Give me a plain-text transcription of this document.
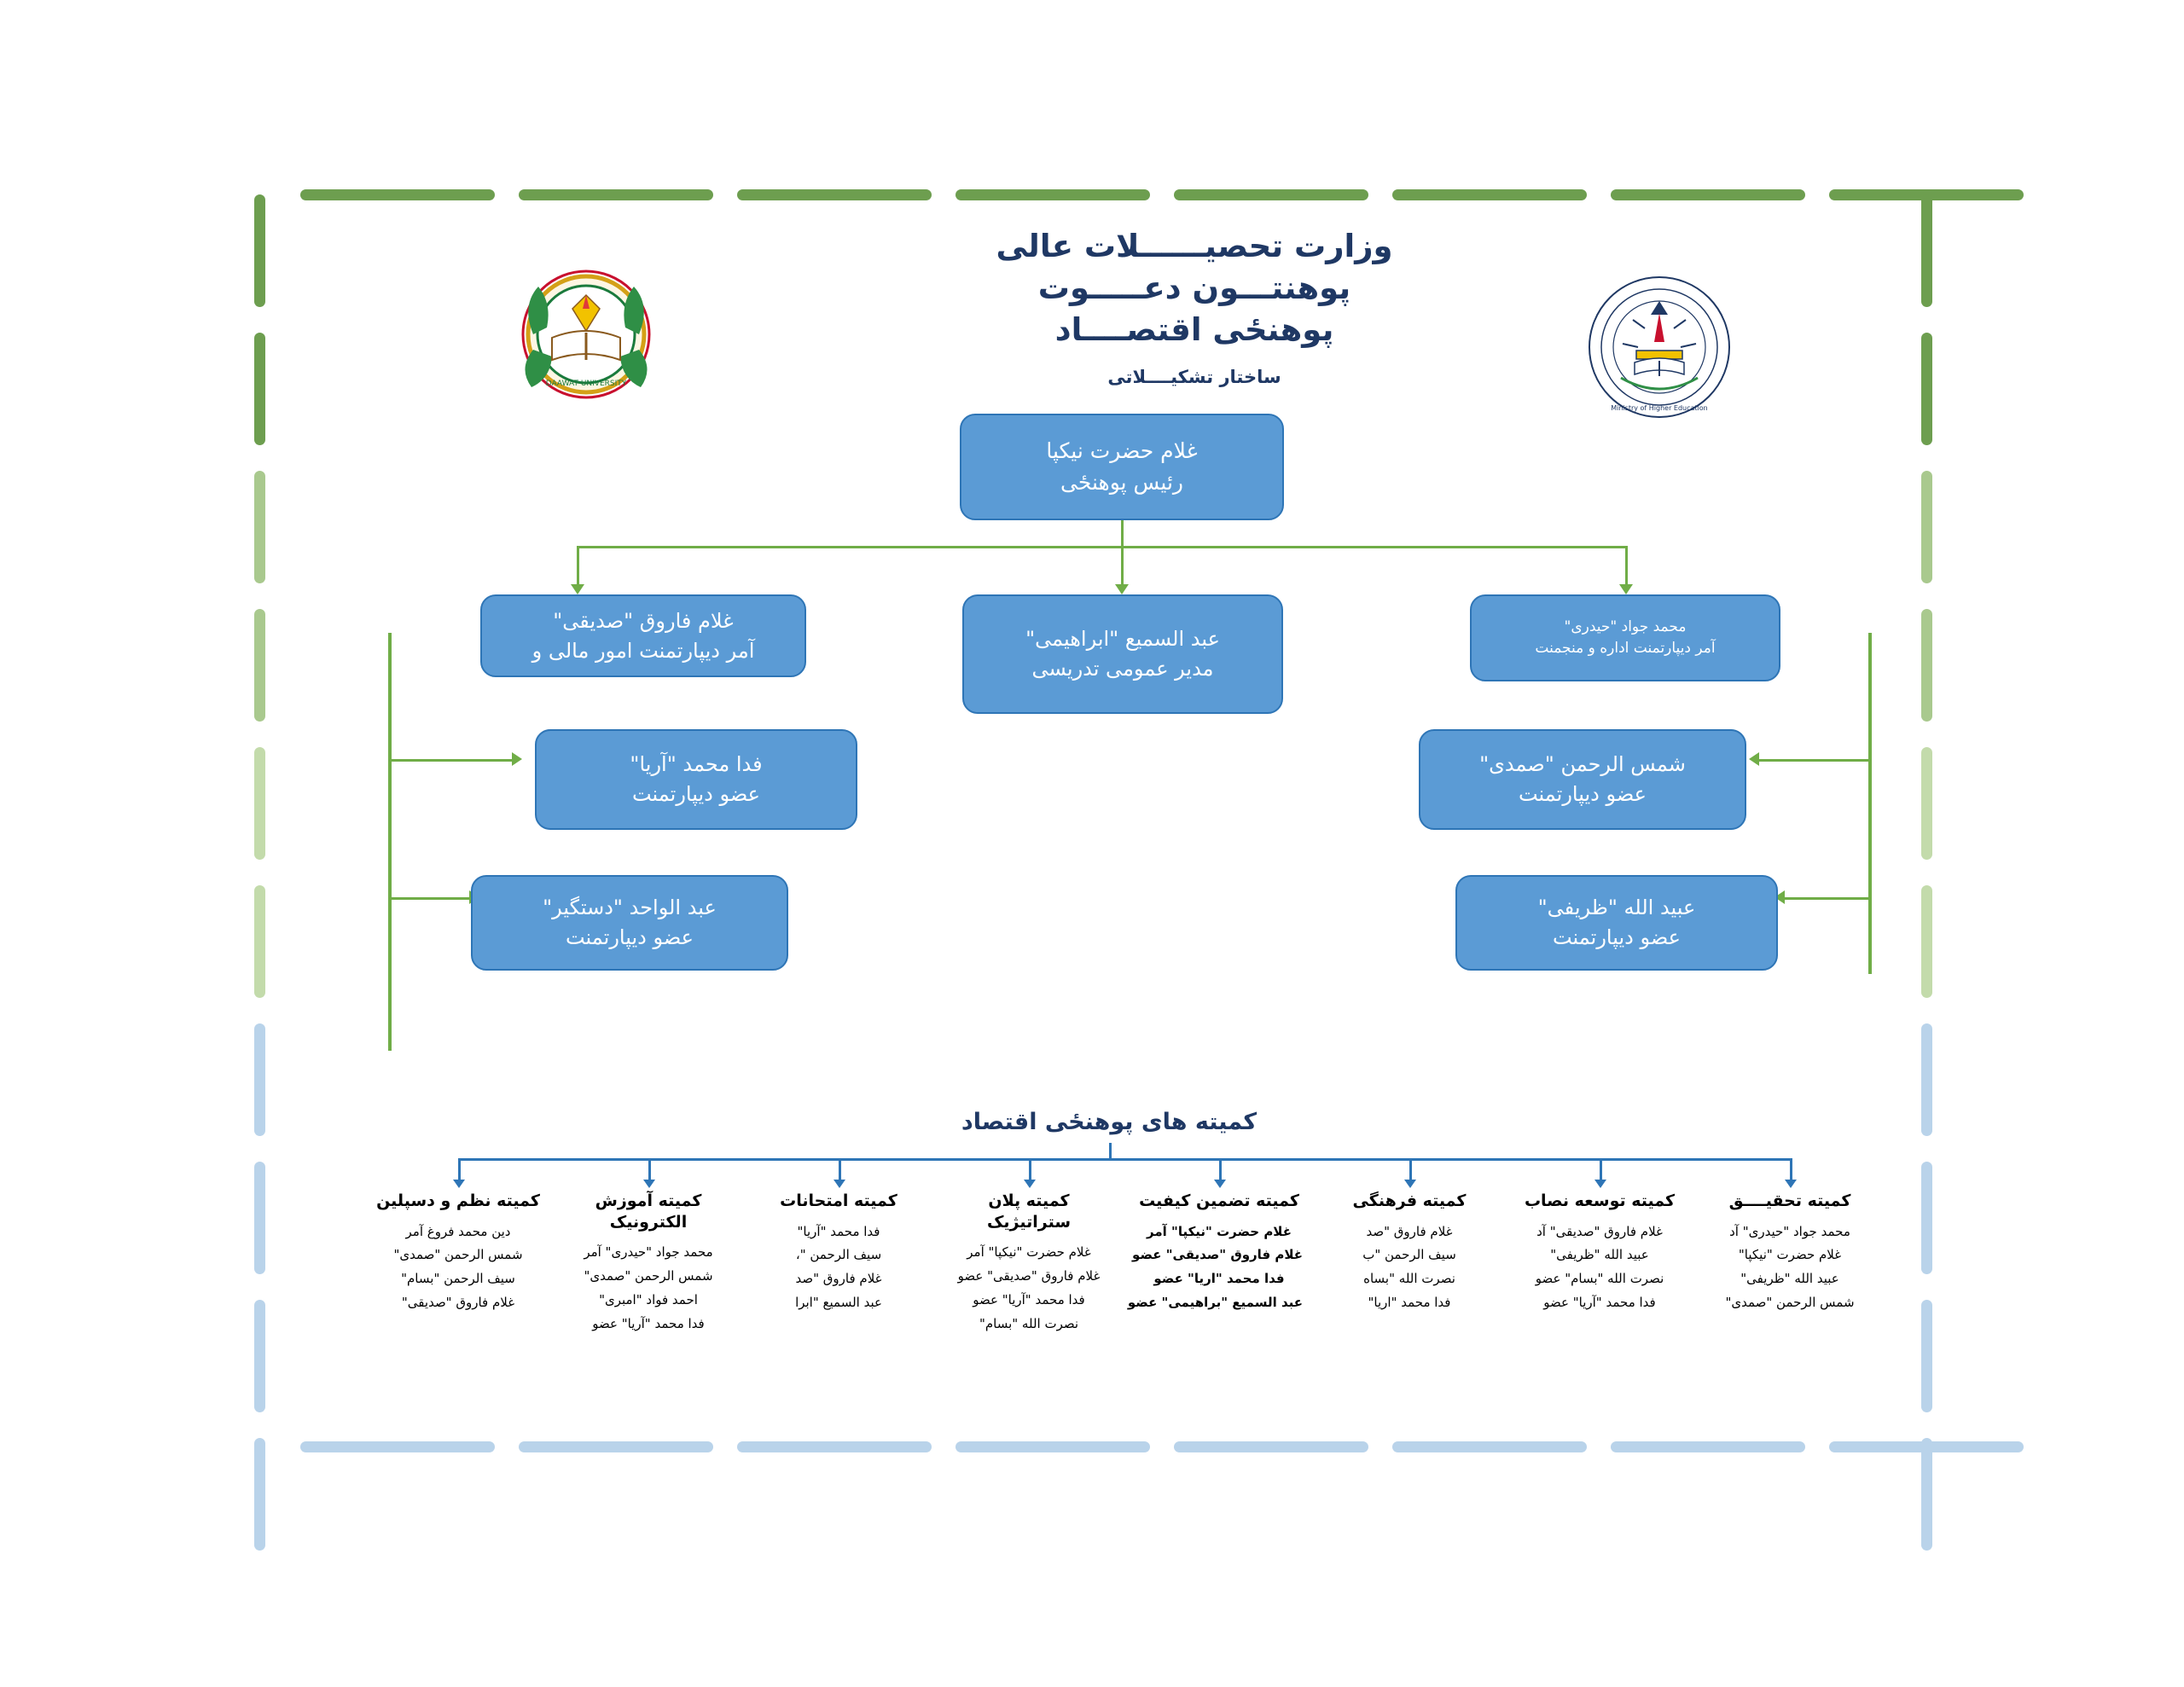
وزارت تحصيــــــلات عالی
پوهنتـــون دعـــــوت
پوهنځی اقتصــــاد
ساختار تشکيــــلاتی
DAAWAT UNIVERSITY
Ministry of Higher Education
غلام حضرت نيکپا
رئيس پوهنځی
محمد جواد "حيدری"
آمر ديپارتمنت اداره و منجمنت
عبد السميع "ابراهيمی"
مدير عمومی تدريسی
غلام فاروق "صديقی"
آمر ديپارتمنت امور مالی و
شمس الرحمن "صمدی"
عضو ديپارتمنت
فدا محمد "آريا"
عضو ديپارتمنت
عبيد الله "ظريفی"
عضو ديپارتمنت
عبد الواحد "دستگير"
عضو ديپارتمنت
کميته های پوهنځی اقتصاد
کميته تحقيــــق
محمد جواد "حيدری" آد
غلام حضرت "نيکپا"
عبيد الله "ظريفی"
شمس الرحمن "صمدی"
کميته توسعه نصاب
غلام فاروق "صديقی" آد
عبيد الله "ظريفی"
نصرت الله "بسام" عضو
فدا محمد "آريا" عضو
کميته فرهنگی
غلام فاروق "صد
سيف الرحمن "ب
نصرت الله "بساه
فدا محمد "اريا"
کميته تضمين کيفيت
غلام حضرت "نيکپا" آمر
غلام فاروق "صديقی" عضو
فدا محمد "اريا" عضو
عبد السميع "براهيمی" عضو
کميته پلان ستراتيژيک
غلام حضرت "نيکپا" آمر
غلام فاروق "صديقی" عضو
فدا محمد "آريا" عضو
نصرت الله "بسام"
کميته امتحانات
فدا محمد "آريا"
سيف الرحمن "،
غلام فاروق "صد
عبد السميع "ابرا
کميته آموزش الکترونيک
محمد جواد "حيدری" آمر
شمس الرحمن "صمدی"
احمد فواد "امبری"
فدا محمد "آريا" عضو
کميته نظم و دسپلين
دين محمد فروغ آمر
شمس الرحمن "صمدی"
سيف الرحمن "بسام"
غلام فاروق "صديقی"
